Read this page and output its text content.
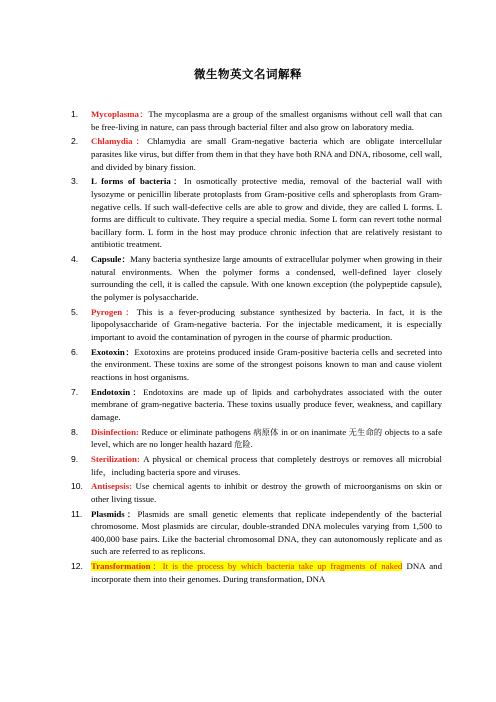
微生物英文名词解释
1. Mycoplasma：The mycoplasma are a group of the smallest organisms without cell wall that can be free-living in nature, can pass through bacterial filter and also grow on laboratory media.
2. Chlamydia：Chlamydia are small Gram-negative bacteria which are obligate intercellular parasites like virus, but differ from them in that they have both RNA and DNA, ribosome, cell wall, and divided by binary fission.
3. L forms of bacteria：In osmotically protective media, removal of the bacterial wall with lysozyme or penicillin liberate protoplasts from Gram-positive cells and spheroplasts from Gram-negative cells. If such wall-defective cells are able to grow and divide, they are called L forms. L forms are difficult to cultivate. They require a special media. Some L form can revert tothe normal bacillary form. L form in the host may produce chronic infection that are relatively resistant to antibiotic treatment.
4. Capsule：Many bacteria synthesize large amounts of extracellular polymer when growing in their natural environments. When the polymer forms a condensed, well-defined layer closely surrounding the cell, it is called the capsule. With one known exception (the polypeptide capsule), the polymer is polysaccharide.
5. Pyrogen：This is a fever-producing substance synthesized by bacteria. In fact, it is the lipopolysaccharide of Gram-negative bacteria. For the injectable medicament, it is especially important to avoid the contamination of pyrogen in the course of pharmic production.
6. Exotoxin：Exotoxins are proteins produced inside Gram-positive bacteria cells and secreted into the environment. These toxins are some of the strongest poisons known to man and cause violent reactions in host organisms.
7. Endotoxin：Endotoxins are made up of lipids and carbohydrates associated with the outer membrane of gram-negative bacteria. These toxins usually produce fever, weakness, and capillary damage.
8. Disinfection: Reduce or eliminate pathogens 病原体 in or on inanimate 无生命的 objects to a safe level, which are no longer health hazard 危险.
9. Sterilization: A physical or chemical process that completely destroys or removes all microbial life，including bacteria spore and viruses.
10. Antisepsis: Use chemical agents to inhibit or destroy the growth of microorganisms on skin or other living tissue.
11. Plasmids：Plasmids are small genetic elements that replicate independently of the bacterial chromosome. Most plasmids are circular, double-stranded DNA molecules varying from 1,500 to 400,000 base pairs. Like the bacterial chromosomal DNA, they can autonomously replicate and as such are referred to as replicons.
12. Transformation：It is the process by which bacteria take up fragments of naked DNA and incorporate them into their genomes. During transformation, DNA
